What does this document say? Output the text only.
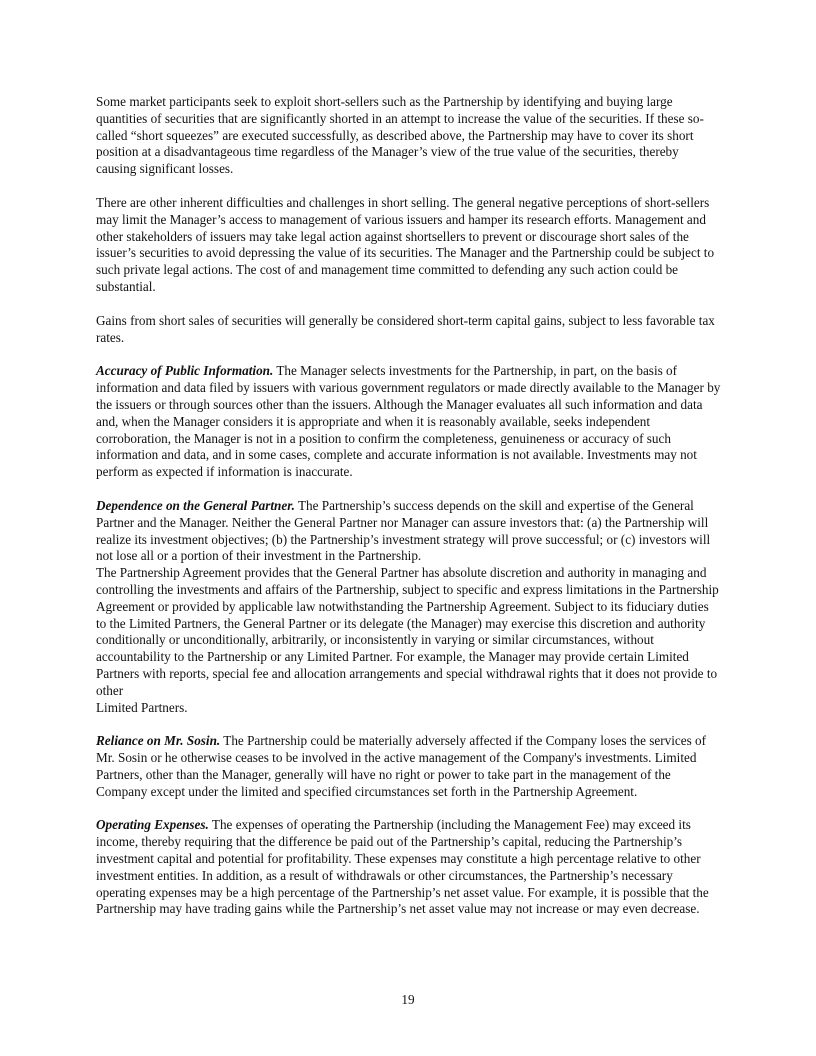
Some market participants seek to exploit short-sellers such as the Partnership by identifying and buying large quantities of securities that are significantly shorted in an attempt to increase the value of the securities. If these so-called “short squeezes” are executed successfully, as described above, the Partnership may have to cover its short position at a disadvantageous time regardless of the Manager’s view of the true value of the securities, thereby causing significant losses.

There are other inherent difficulties and challenges in short selling. The general negative perceptions of short-sellers may limit the Manager’s access to management of various issuers and hamper its research efforts. Management and other stakeholders of issuers may take legal action against shortsellers to prevent or discourage short sales of the issuer’s securities to avoid depressing the value of its securities. The Manager and the Partnership could be subject to such private legal actions. The cost of and management time committed to defending any such action could be substantial.

Gains from short sales of securities will generally be considered short-term capital gains, subject to less favorable tax rates.

Accuracy of Public Information. The Manager selects investments for the Partnership, in part, on the basis of information and data filed by issuers with various government regulators or made directly available to the Manager by the issuers or through sources other than the issuers. Although the Manager evaluates all such information and data and, when the Manager considers it is appropriate and when it is reasonably available, seeks independent corroboration, the Manager is not in a position to confirm the completeness, genuineness or accuracy of such information and data, and in some cases, complete and accurate information is not available. Investments may not perform as expected if information is inaccurate.

Dependence on the General Partner. The Partnership’s success depends on the skill and expertise of the General Partner and the Manager. Neither the General Partner nor Manager can assure investors that: (a) the Partnership will realize its investment objectives; (b) the Partnership’s investment strategy will prove successful; or (c) investors will not lose all or a portion of their investment in the Partnership.
The Partnership Agreement provides that the General Partner has absolute discretion and authority in managing and controlling the investments and affairs of the Partnership, subject to specific and express limitations in the Partnership Agreement or provided by applicable law notwithstanding the Partnership Agreement. Subject to its fiduciary duties to the Limited Partners, the General Partner or its delegate (the Manager) may exercise this discretion and authority conditionally or unconditionally, arbitrarily, or inconsistently in varying or similar circumstances, without accountability to the Partnership or any Limited Partner. For example, the Manager may provide certain Limited Partners with reports, special fee and allocation arrangements and special withdrawal rights that it does not provide to other
Limited Partners.

Reliance on Mr. Sosin. The Partnership could be materially adversely affected if the Company loses the services of Mr. Sosin or he otherwise ceases to be involved in the active management of the Company's investments. Limited Partners, other than the Manager, generally will have no right or power to take part in the management of the Company except under the limited and specified circumstances set forth in the Partnership Agreement.

Operating Expenses. The expenses of operating the Partnership (including the Management Fee) may exceed its income, thereby requiring that the difference be paid out of the Partnership’s capital, reducing the Partnership’s investment capital and potential for profitability. These expenses may constitute a high percentage relative to other investment entities. In addition, as a result of withdrawals or other circumstances, the Partnership’s necessary operating expenses may be a high percentage of the Partnership’s net asset value. For example, it is possible that the Partnership may have trading gains while the Partnership’s net asset value may not increase or may even decrease.

19
